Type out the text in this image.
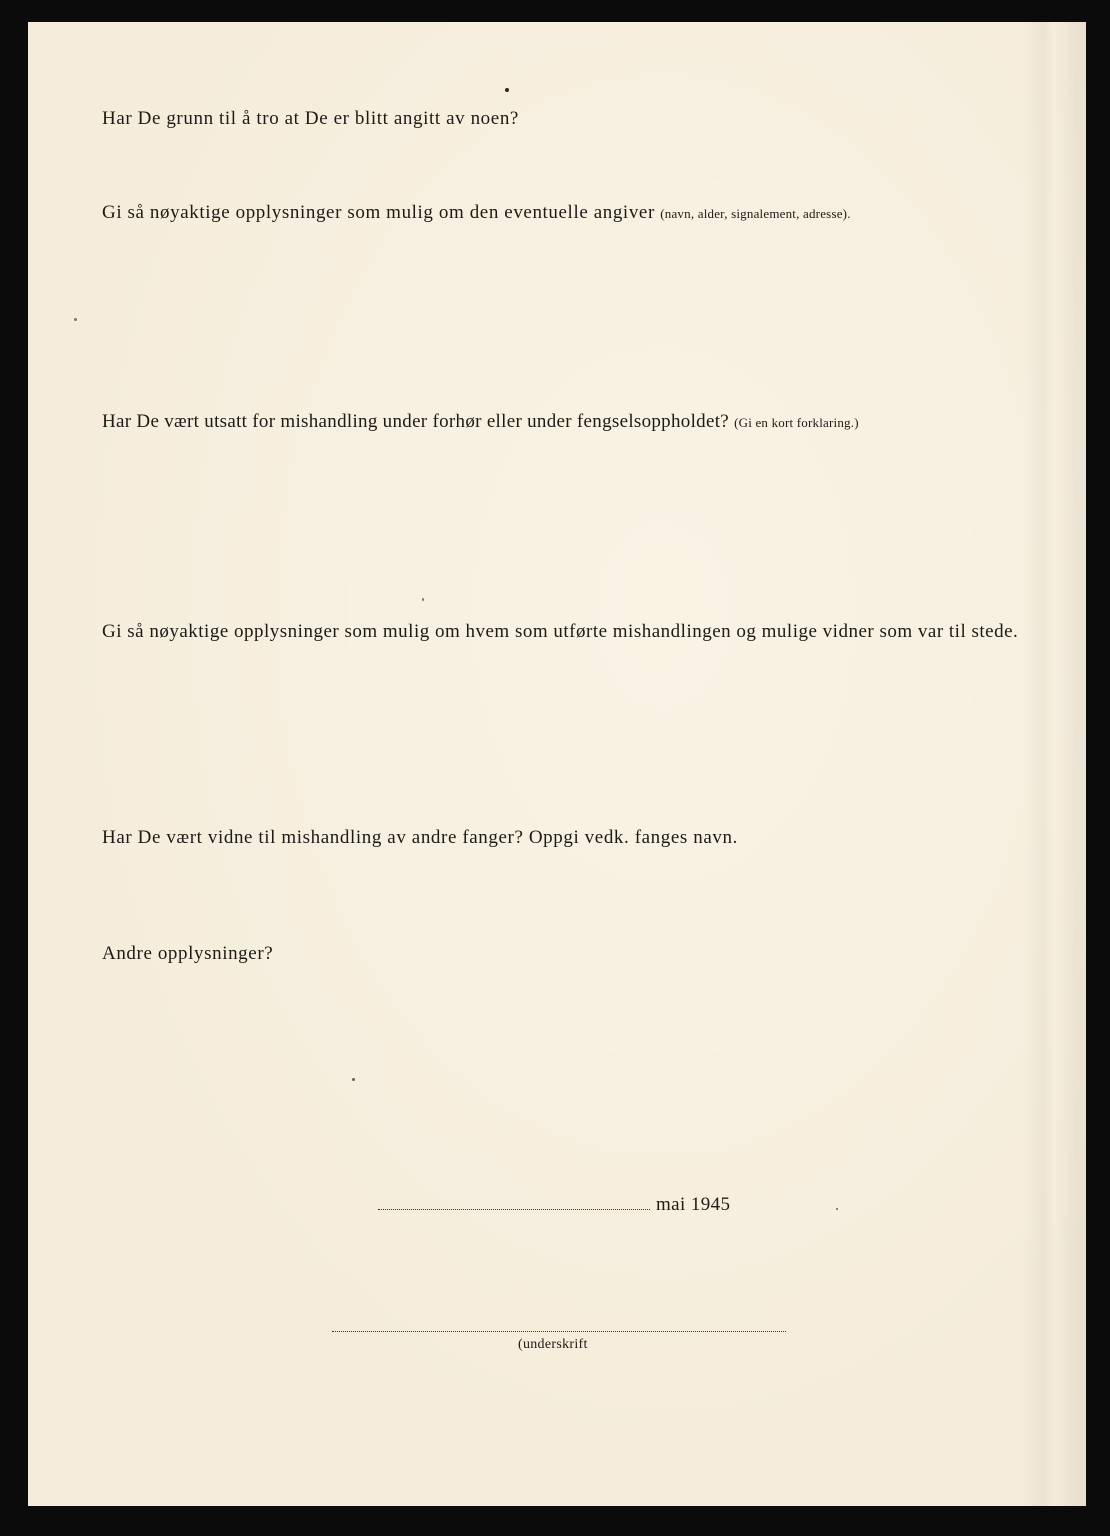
Har De grunn til å tro at De er blitt angitt av noen?
Gi så nøyaktige opplysninger som mulig om den eventuelle angiver (navn, alder, signalement, adresse).
Har De vært utsatt for mishandling under forhør eller under fengselsoppholdet? (Gi en kort forklaring.)
Gi så nøyaktige opplysninger som mulig om hvem som utførte mishandlingen og mulige vidner som var til stede.
Har De vært vidne til mishandling av andre fanger? Oppgi vedk. fanges navn.
Andre opplysninger?
mai 1945
(underskrift
